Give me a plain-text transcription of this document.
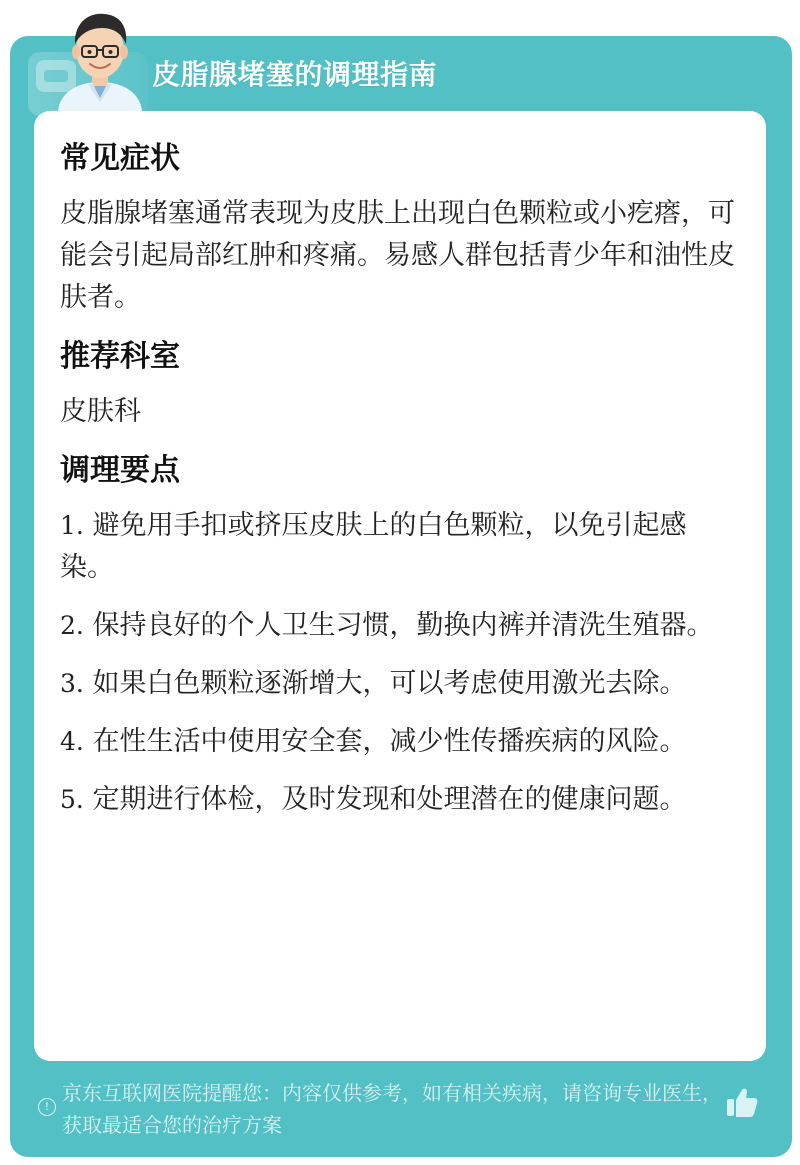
皮脂腺堵塞的调理指南
常见症状

皮脂腺堵塞通常表现为皮肤上出现白色颗粒或小疙瘩，可能会引起局部红肿和疼痛。易感人群包括青少年和油性皮肤者。

推荐科室

皮肤科

调理要点

1. 避免用手扣或挤压皮肤上的白色颗粒，以免引起感染。

2. 保持良好的个人卫生习惯，勤换内裤并清洗生殖器。

3. 如果白色颗粒逐渐增大，可以考虑使用激光去除。

4. 在性生活中使用安全套，减少性传播疾病的风险。

5. 定期进行体检，及时发现和处理潜在的健康问题。

!
京东互联网医院提醒您：内容仅供参考，如有相关疾病，请咨询专业医生，获取最适合您的治疗方案
